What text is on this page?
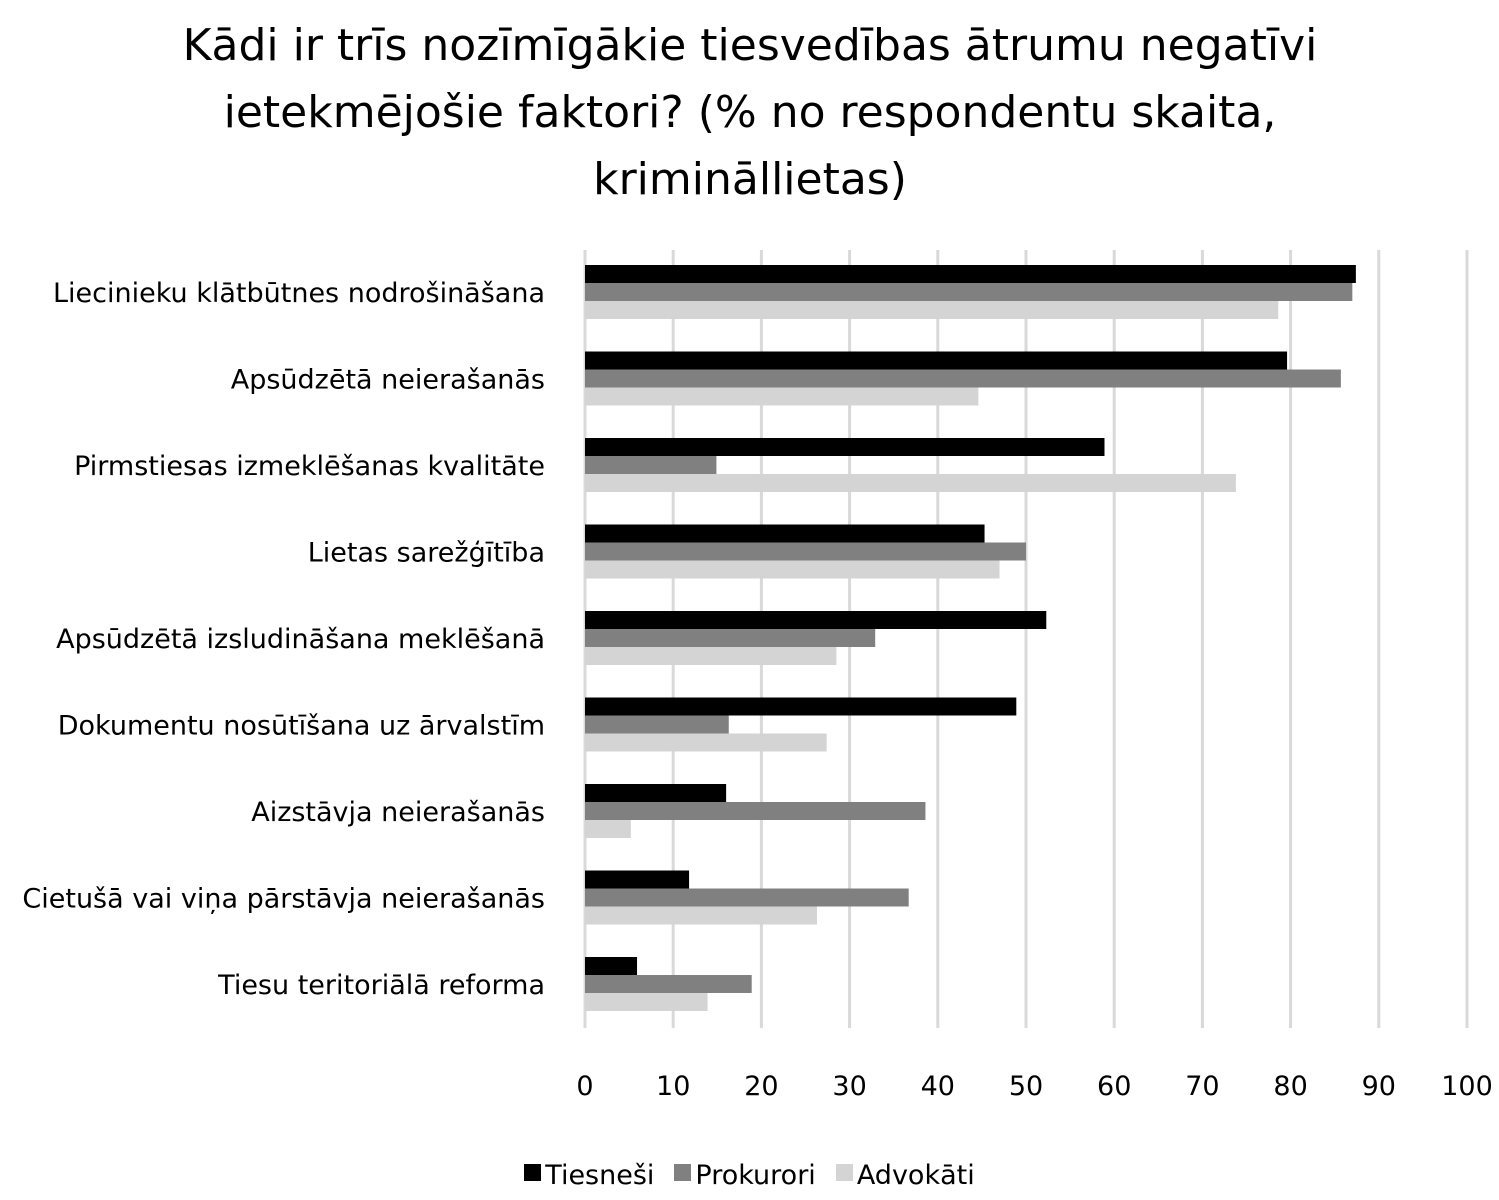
Kādi ir trīs nozīmīgākie tiesvedības ātrumu negatīvi ietekmējošie faktori? (% no respondentu skaita, krimināllietas)
Liecinieku klātbūtnes nodrošināšana
Apsūdzētā neierašanās
Pirmstiesas izmeklēšanas kvalitāte
Lietas sarežģītība
Apsūdzētā izsludināšana meklēšanā
Dokumentu nosūtīšana uz ārvalstīm
Aizstāvja neierašanās
Cietušā vai viņa pārstāvja neierašanās
Tiesu teritoriālā reforma
0 10 20 30 40 50 60 70 80 90 100
Tiesneši Prokurori Advokāti
